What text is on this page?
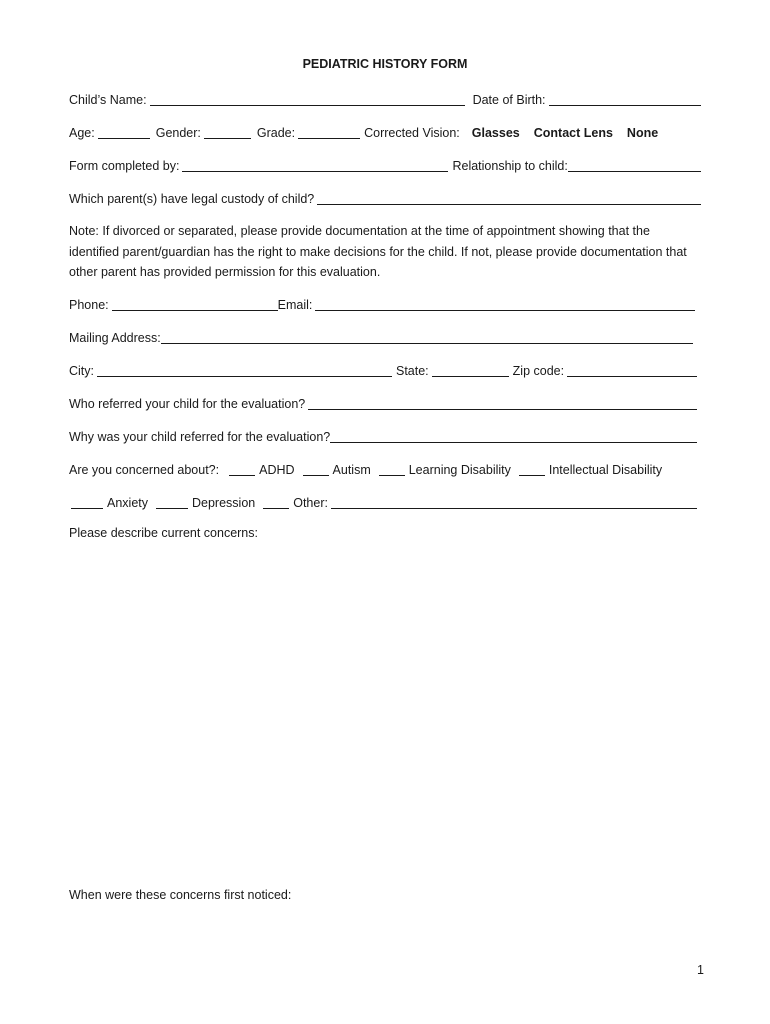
PEDIATRIC HISTORY FORM
Child’s Name:	Date of Birth:
Age:	Gender:	Grade:	Corrected Vision: Glasses Contact Lens None
Form completed by:	Relationship to child:
Which parent(s) have legal custody of child?

Note: If divorced or separated, please provide documentation at the time of appointment showing that the identified parent/guardian has the right to make decisions for the child. If not, please provide documentation that other parent has provided permission for this evaluation.

Phone:	Email:
Mailing Address:
City:	State:	Zip code:
Who referred your child for the evaluation?
Why was your child referred for the evaluation?
Are you concerned about?:	ADHD	Autism	Learning Disability	Intellectual Disability
Anxiety	Depression	Other:
Please describe current concerns:
When were these concerns first noticed:
1
